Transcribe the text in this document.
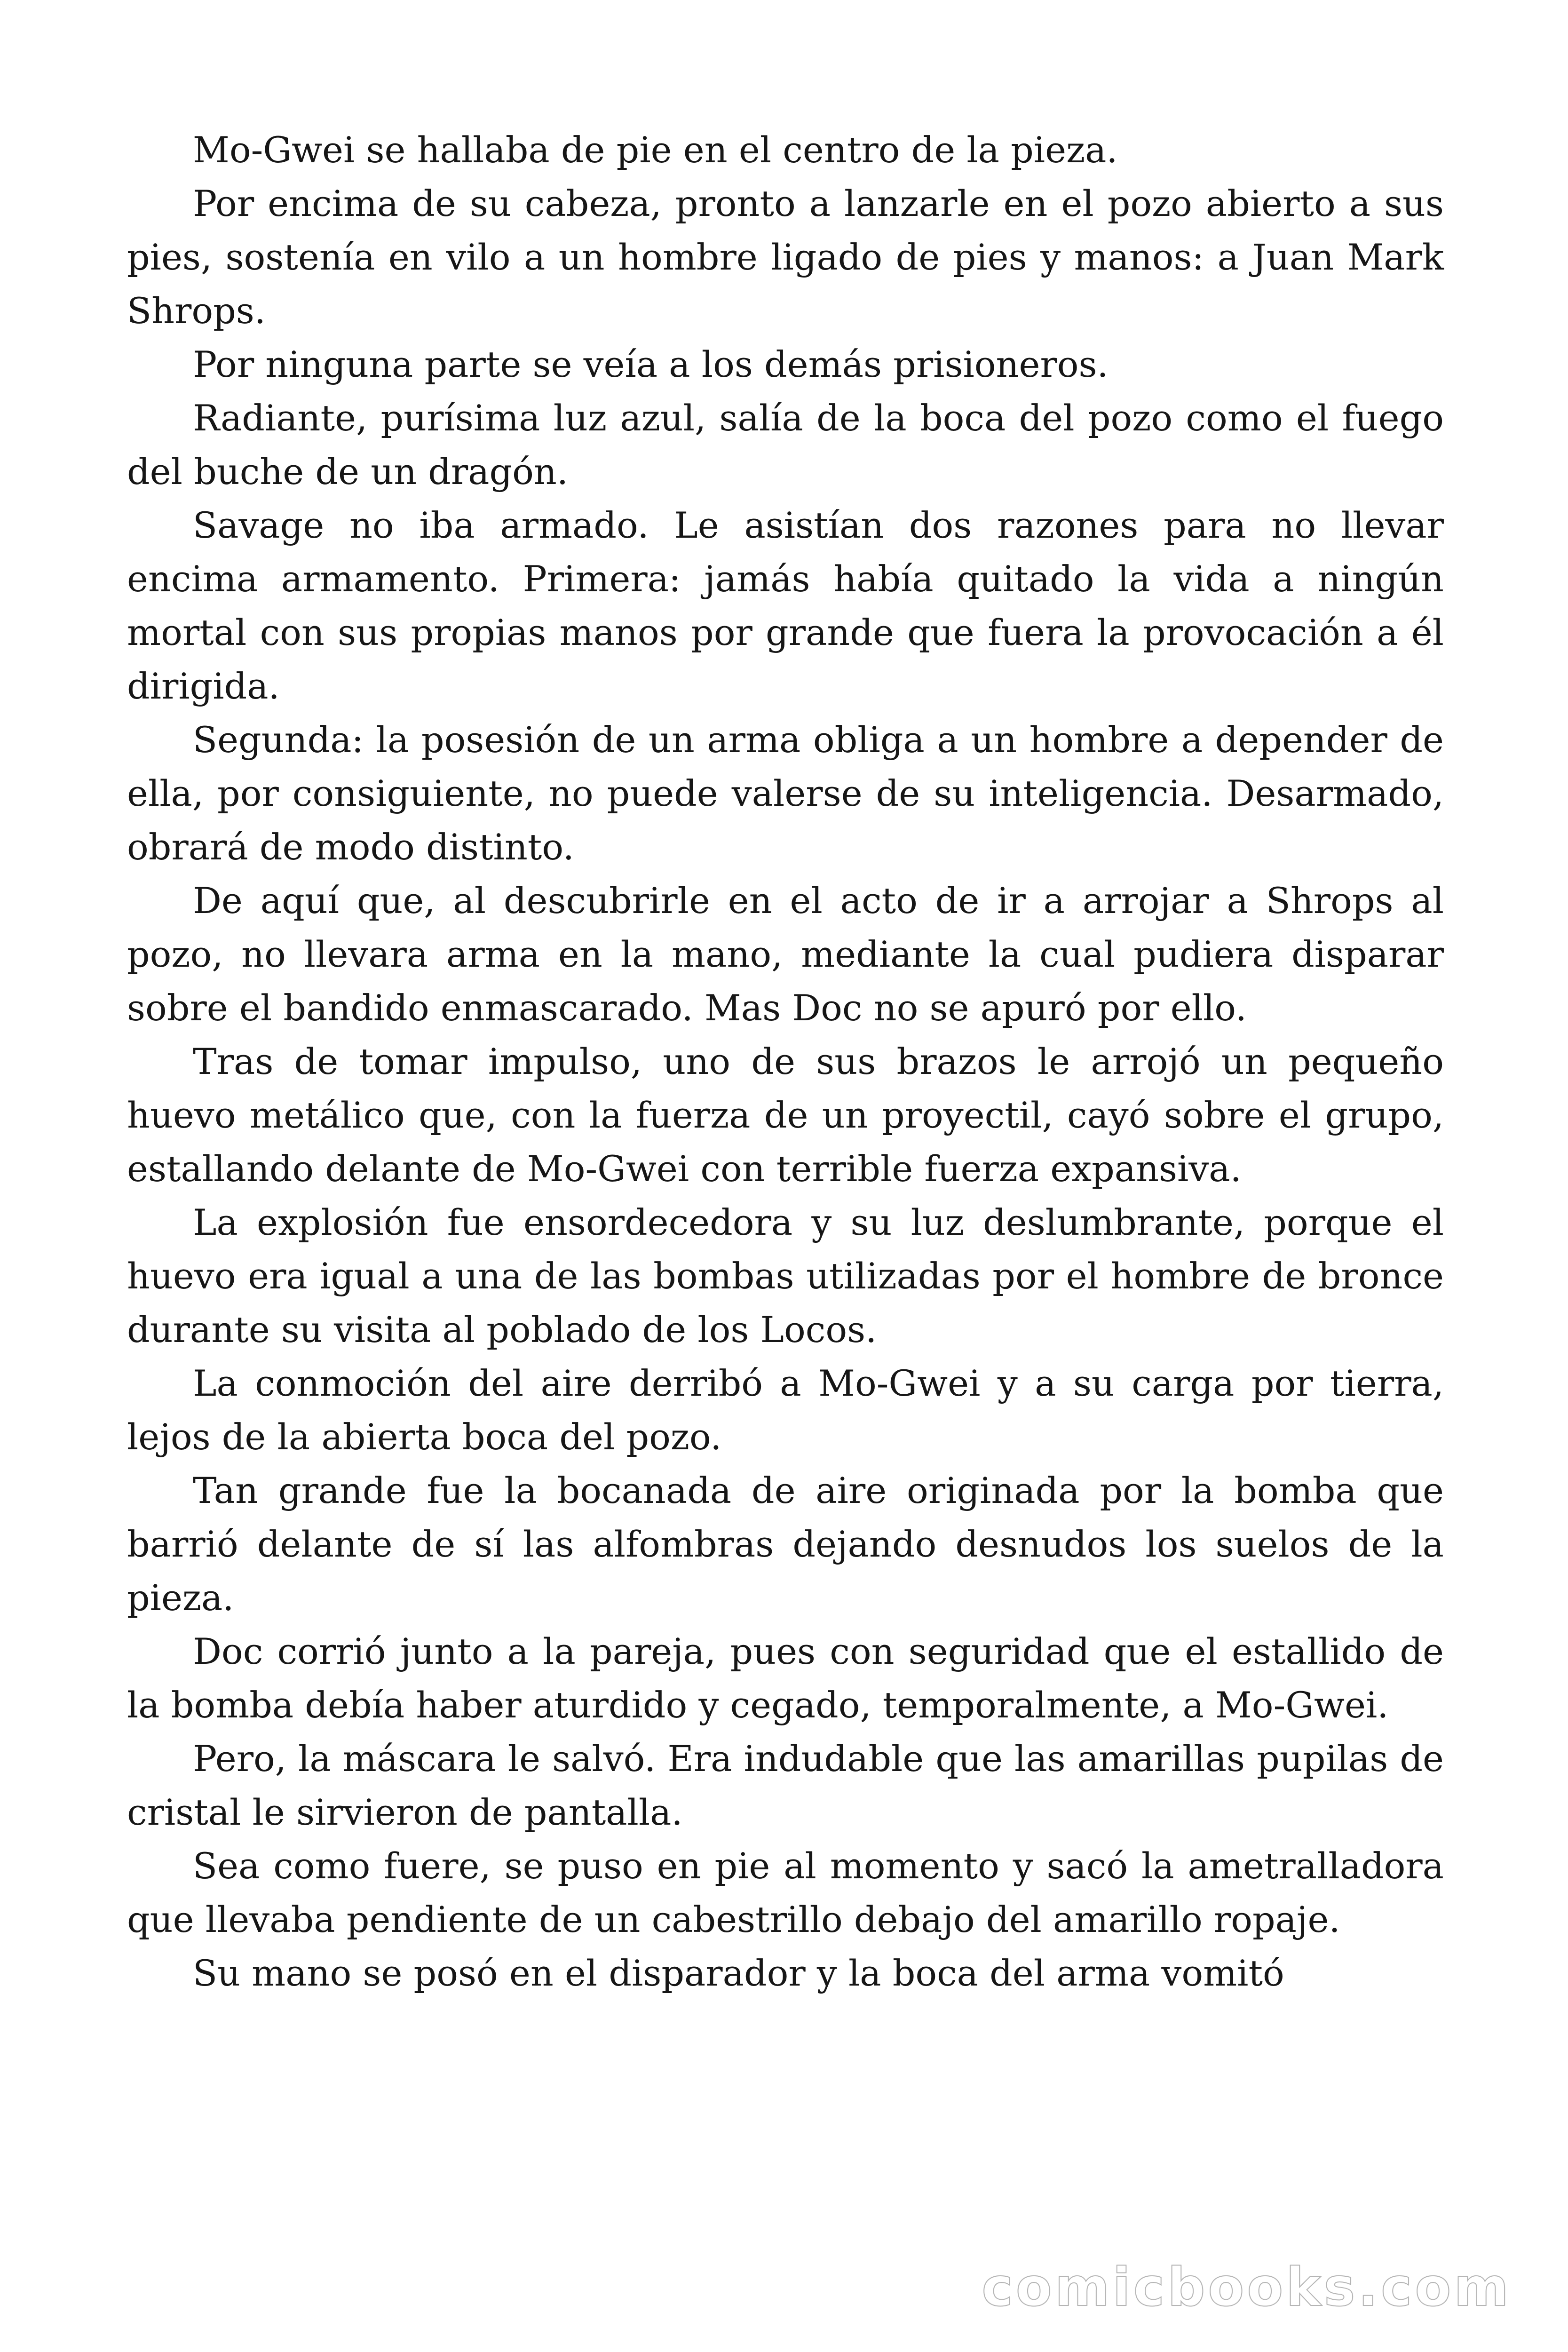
Mo-Gwei se hallaba de pie en el centro de la pieza.

Por encima de su cabeza, pronto a lanzarle en el pozo abierto a sus pies, sostenía en vilo a un hombre ligado de pies y manos: a Juan Mark Shrops.

Por ninguna parte se veía a los demás prisioneros.

Radiante, purísima luz azul, salía de la boca del pozo como el fuego del buche de un dragón.

Savage no iba armado. Le asistían dos razones para no llevar encima armamento. Primera: jamás había quitado la vida a ningún mortal con sus propias manos por grande que fuera la provocación a él dirigida.

Segunda: la posesión de un arma obliga a un hombre a depender de ella, por consiguiente, no puede valerse de su inteligencia. Desarmado, obrará de modo distinto.

De aquí que, al descubrirle en el acto de ir a arrojar a Shrops al pozo, no llevara arma en la mano, mediante la cual pudiera disparar sobre el bandido enmascarado. Mas Doc no se apuró por ello.

Tras de tomar impulso, uno de sus brazos le arrojó un pequeño huevo metálico que, con la fuerza de un proyectil, cayó sobre el grupo, estallando delante de Mo-Gwei con terrible fuerza expansiva.

La explosión fue ensordecedora y su luz deslumbrante, porque el huevo era igual a una de las bombas utilizadas por el hombre de bronce durante su visita al poblado de los Locos.

La conmoción del aire derribó a Mo-Gwei y a su carga por tierra, lejos de la abierta boca del pozo.

Tan grande fue la bocanada de aire originada por la bomba que barrió delante de sí las alfombras dejando desnudos los suelos de la pieza.

Doc corrió junto a la pareja, pues con seguridad que el estallido de la bomba debía haber aturdido y cegado, temporalmente, a Mo-Gwei.

Pero, la máscara le salvó. Era indudable que las amarillas pupilas de cristal le sirvieron de pantalla.

Sea como fuere, se puso en pie al momento y sacó la ametralladora que llevaba pendiente de un cabestrillo debajo del amarillo ropaje.

Su mano se posó en el disparador y la boca del arma vomitó

comicbooks.com
